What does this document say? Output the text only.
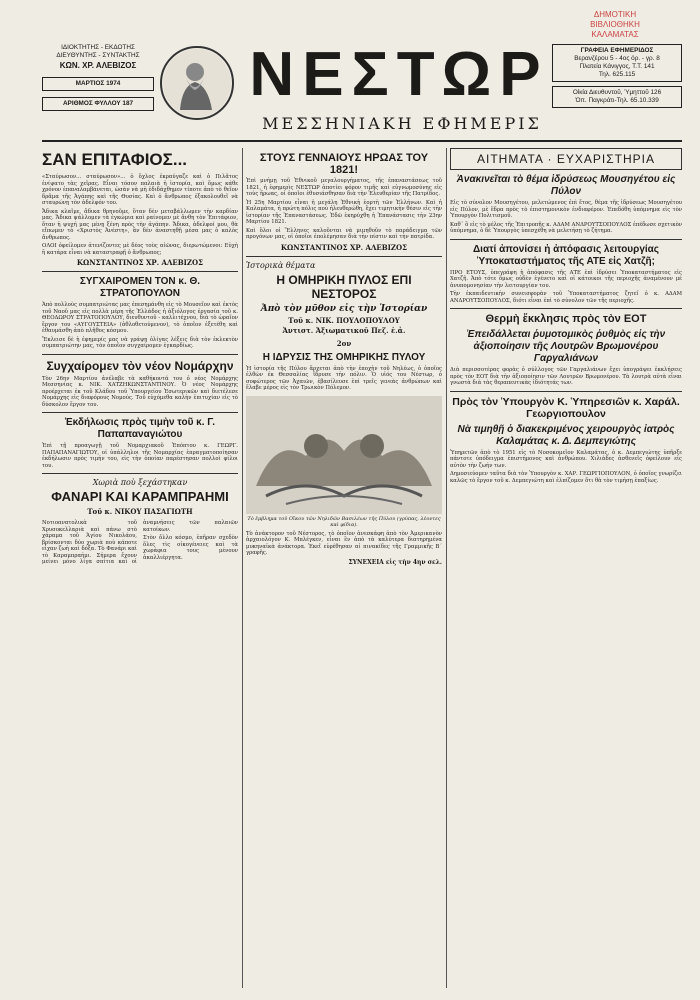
ΔΗΜΟΤΙΚΗ ΒΙΒΛΙΟΘΗΚΗ
ΚΑΛΑΜΑΤΑΣ
ΙΔΙΟΚΤΗΤΗΣ - ΕΚΔΟΤΗΣ
ΔΙΕΥΘΥΝΤΗΣ - ΣΥΝΤΑΚΤΗΣ
ΚΩΝ. ΧΡ. ΑΛΕΒΙΖΟΣ
ΜΑΡΤΙΟΣ 1974
ΑΡΙΘΜΟΣ ΦΥΛΛΟΥ 187	ΝΕΣΤΩΡ
ΜΕΣΣΗΝΙΑΚΗ ΕΦΗΜΕΡΙΣ
ΓΡΑΦΕΙΑ ΕΦΗΜΕΡΙΔΟΣ
Βερανζέρου 5 - 4ος όρ. - γρ. 8
Πλατεία Κάνιγγος, Τ.Τ. 141
Τηλ. 625.115
Οίκία Διευθυντοῦ, Ὑμηττοῦ 126
Ὀπ. Παγκράτι-Τηλ. 65.10.339
ΣΑΝ ΕΠΙΤΑΦΙΟΣ...

«Σταύρωσον... σταύρωσον»... ὁ ὄχλος ἐκραύγαζε καὶ ὁ Πιλᾶτος ἐνίψατο τὰς χεῖρας. Εἶναι τόσον παλαιὰ ἡ ἱστορία, καὶ ὅμως κάθε χρόνον ἐπαναλαμβάνεται, ὡσὰν νὰ μὴ ἐδιδάχθημεν τίποτε ἀπὸ τὸ θεῖον δρᾶμα τῆς Ἀγάπης καὶ τῆς Θυσίας. Καὶ ὁ ἄνθρωπος ἐξακολουθεῖ νὰ σταυρώνῃ τὸν ἀδελφόν του.

Ἄδικα κλαῖμε, ἄδικα θρηνοῦμε, ὅταν δὲν μεταβάλλωμεν τὴν καρδίαν μας. Ἄδικα ψάλλομεν τὰ ἐγκώμια καὶ ραίνομεν μὲ ἄνθη τὸν Ἐπιτάφιον, ὅταν ἡ ψυχή μας μένῃ ξένη πρὸς τὴν ἀγάπην. Ἄδικα, ἀδελφοί μου, θὰ εἴπωμεν τὸ «Χριστὸς Ἀνέστη», ἂν δὲν ἀναστηθῇ μέσα μας ὁ καλὸς ἄνθρωπος.

ΟΛΟΙ ὀφείλομεν ἀτενίζοντες μὲ δέος τοὺς αἰῶνας, διερωτώμενοι: Εὐχὴ ἢ κατάρα εἶναι νὰ καταστραφῇ ὁ ἄνθρωπος;

ΚΩΝΣΤΑΝΤΙΝΟΣ ΧΡ. ΑΛΕΒΙΖΟΣ
ΣΥΓΧΑΙΡΟΜΕΝ ΤΟΝ κ. Θ. ΣΤΡΑΤΟΠΟΥΛΟΝ

Ἀπὸ πολλοὺς συμπατριώτας μας ἐπεσημάνθη εἰς τὸ Μουσεῖον καὶ ἐκτὸς τοῦ Ναοῦ μας εἰς πολλὰ μέρη τῆς Ἑλλάδος ἡ ἀξιόλογος ἐργασία τοῦ κ. ΘΕΟΔΩΡΟΥ ΣΤΡΑΤΟΠΟΥΛΟΥ, διευθυντοῦ - καλλιτέχνου, διὰ τὸ ὡραῖον ἔργον του «ΑΥΓΟΥΣΤΕΙΑ» (ἀθλοθετούμενον), τὸ ὁποῖον ἐξετέθη καὶ ἐθαυμάσθη ἀπὸ πλῆθος κόσμου.

Ἔκλεισε δὲ ἡ ἐφημερίς μας νὰ γράψῃ ὀλίγας λέξεις διὰ τὸν ἐκλεκτὸν συμπατριώτην μας, τὸν ὁποῖον συγχαίρομεν ἐγκαρδίως.

Συγχαίρομεν τὸν νέον Νομάρχην

Τὸν 26ην Μαρτίου ἀνέλαβε τὰ καθήκοντά του ὁ νέος Νομάρχης Μεσσηνίας κ. ΝΙΚ. ΧΑΤΖΗΚΩΝΣΤΑΝΤΙΝΟΥ. Ὁ νέος Νομάρχης προέρχεται ἐκ τοῦ Κλάδου τοῦ Ὑπουργείου Ἐσωτερικῶν καὶ διετέλεσε Νομάρχης εἰς διαφόρους Νομούς. Τοῦ εὐχόμεθα καλὴν ἐπιτυχίαν εἰς τὸ δύσκολον ἔργον του.

Ἐκδήλωσις πρὸς τιμὴν τοῦ κ. Γ. Παπαπαναγιώτου

Ἐπὶ τῇ προαγωγῇ τοῦ Νομαρχιακοῦ Ἐπόπτου κ. ΓΕΩΡΓ. ΠΑΠΑΠΑΝΑΓΙΩΤΟΥ, οἱ ὑπάλληλοι τῆς Νομαρχίας ἐπραγματοποίησαν ἐκδήλωσιν πρὸς τιμήν του, εἰς τὴν ὁποίαν παρέστησαν πολλοὶ φίλοι του.

Χωριὰ ποὺ ξεχάστηκαν
ΦΑΝΑΡΙ ΚΑΙ ΚΑΡΑΜΠΡΑΗΜΙ
Τοῦ κ. ΝΙΚΟΥ ΠΑΣΑΓΙΩΤΗ

Νοτιοανατολικὰ τοῦ Χρυσοκελλαριὰ καὶ πάνω στὸ χάραμα τοῦ Ἁγίου Νικολάου, βρίσκονται δύο χωριὰ ποὺ κάποτε εἶχαν ζωὴ καὶ δόξα. Τὸ Φανάρι καὶ τὸ Καραμπραήμι. Σήμερα ἔχουν μείνει μόνο λίγα σπίτια καὶ οἱ ἀναμνήσεις τῶν παλαιῶν κατοίκων.

Στὸν ὄλλο κόσμο, ἐπῆραν σχεδὸν ὅλες τὶς οἰκογένειες καὶ τὰ χωράφια τους μένουν ἀκαλλιέργητα.

ΣΤΟΥΣ ΓΕΝΝΑΙΟΥΣ ΗΡΩΑΣ ΤΟΥ 1821!

Ἐπὶ μνήμῃ τοῦ Ἐθνικοῦ μεγαλουργήματος, τῆς ἐπαναστάσεως τοῦ 1821, ἡ ἐφημερὶς ΝΕΣΤΩΡ ἀποτίει φόρον τιμῆς καὶ εὐγνωμοσύνης εἰς τοὺς ἥρωας, οἱ ὁποῖοι ἐθυσιάσθησαν διὰ τὴν Ἐλευθερίαν τῆς Πατρίδος.

Ἡ 25η Μαρτίου εἶναι ἡ μεγάλη Ἐθνικὴ ἑορτὴ τῶν Ἑλλήνων. Καὶ ἡ Καλαμάτα, ἡ πρώτη πόλις ποὺ ἠλευθερώθη, ἔχει τιμητικὴν θέσιν εἰς τὴν ἱστορίαν τῆς Ἐπαναστάσεως. Ἐδῶ ἐκηρύχθη ἡ Ἐπανάστασις τὴν 23ην Μαρτίου 1821.

Καὶ ὅλοι οἱ Ἕλληνες καλοῦνται νὰ μιμηθοῦν τὸ παράδειγμα τῶν προγόνων μας, οἱ ὁποῖοι ἐπολέμησαν διὰ τὴν πίστιν καὶ τὴν πατρίδα.

ΚΩΝΣΤΑΝΤΙΝΟΣ ΧΡ. ΑΛΕΒΙΖΟΣ
Ἱστορικὰ θέματα
Η ΟΜΗΡΙΚΗ ΠΥΛΟΣ ΕΠΙ ΝΕΣΤΟΡΟΣ
Ἀπὸ τὸν μῦθον εἰς τὴν Ἱστορίαν
Τοῦ κ. ΝΙΚ. ΠΟΥΛΟΠΟΥΛΟΥ
Ἀντιστ. Ἀξιωματικοῦ Πεζ. ἐ.ἀ.
2ον
Η ΙΔΡΥΣΙΣ ΤΗΣ ΟΜΗΡΙΚΗΣ ΠΥΛΟΥ

Ἡ ἱστορία τῆς Πύλου ἄρχεται ἀπὸ τὴν ἐποχὴν τοῦ Νηλέως, ὁ ὁποῖος ἐλθὼν ἐκ Θεσσαλίας ἵδρυσε τὴν πόλιν. Ὁ υἱός του Νέστωρ, ὁ σοφώτερος τῶν Ἀχαιῶν, ἐβασίλευσε ἐπὶ τρεῖς γενεὰς ἀνθρώπων καὶ ἔλαβε μέρος εἰς τὸν Τρωικὸν Πόλεμον.

Τὸ ἐμβλημα τοῦ Οἴκου τῶν Νηλιδῶν Βασιλέων τῆς Πύλου (γρύπας, λέοντες καὶ φίδια).

Τὸ ἀνάκτορον τοῦ Νέστορος, τὸ ὁποῖον ἀνεσκάφη ἀπὸ τὸν Ἀμερικανὸν ἀρχαιολόγον Κ. Μπλέγκεν, εἶναι ἓν ἀπὸ τὰ καλύτερα διατηρημένα μυκηναϊκὰ ἀνάκτορα. Ἐκεῖ εὑρέθησαν αἱ πινακίδες τῆς Γραμμικῆς Β΄ γραφῆς.

ΣΥΝΕΧΕΙΑ εἰς τὴν 4ην σελ.
ΑΙΤΗΜΑΤΑ · ΕΥΧΑΡΙΣΤΗΡΙΑ
Ἀνακινεῖται τὸ θέμα ἱδρύσεως Μουσηγέτου εἰς Πύλον

Εἰς τὸ σύνολον Μουσηγέτου, μελετώμενος ἐπὶ ἔτος, θέμα τῆς ἱδρύσεως Μουσηγέτου εἰς Πύλον, μὲ ἕδρα πρὸς τὸ ἐπιστημονικὸν ἐνδιαφέρον. Ἐπεδόθη ὑπόμνημα εἰς τὸν Ὑπουργὸν Πολιτισμοῦ.

Καθ᾽ ὃ εἰς τὸ μέλος τῆς Ἐπιτροπῆς κ. ΑΔΑΜ ΑΝΔΡΟΥΤΣΟΠΟΥΛΟΣ ἐπέδωσε σχετικὸν ὑπόμνημα, ὁ δὲ Ὑπουργὸς ὑπεσχέθη νὰ μελετήσῃ τὸ ζήτημα.

Διατί ἀπονίσει ἡ ἀπόφασις λειτουργίας Ὑποκαταστήματος τῆς ΑΤΕ εἰς Χατζῆ;

ΠΡΟ ΕΤΟΥΣ, ὑπεγράφη ἡ ἀπόφασις τῆς ΑΤΕ ἐπὶ ἱδρύσει Ὑποκαταστήματος εἰς Χατζῆ. Ἀπὸ τότε ὅμως οὐδὲν ἐγένετο καὶ οἱ κάτοικοι τῆς περιοχῆς ἀναμένουν μὲ ἀνυπομονησίαν τὴν λειτουργίαν του.

Τὴν ἐκπαιδευτικὴν συνεισφορὰν τοῦ Ὑποκαταστήματος ζητεῖ ὁ κ. ΑΔΑΜ ΑΝΔΡΟΥΤΣΟΠΟΥΛΟΣ, διότι εἶναι ἐπὶ τὸ σύνολον τῶν τῆς περιοχῆς.

Θερμὴ ἔκκλησις πρὸς τὸν ΕΟΤ
Ἐπειδάλλεται ῥυμοτομικὸς ῥυθμὸς εἰς τὴν ἀξιοποίησιν τῆς Λουτρῶν Βρωμονέρου Γαργαλιάνων

Διὰ περισσοτέρας φορὰς ὁ σύλλογος τῶν Γαργαλιάνων ἔχει ὑπογράψει ἐκκλήσεις πρὸς τὸν ΕΟΤ διὰ τὴν ἀξιοποίησιν τῶν Λουτρῶν Βρωμονέρου. Τὰ λουτρὰ αὐτὰ εἶναι γνωστὰ διὰ τὰς θεραπευτικὰς ἰδιότητάς των.

Πρὸς τὸν Ὑπουργὸν Κ. Ὑπηρεσιῶν κ. Χαράλ. Γεωργιοπουλον
Νὰ τιμηθῇ ὁ διακεκριμένος χειρουργὸς ἰατρὸς Καλαμάτας κ. Δ. Δεμπεγιώτης

Ὑπηρετῶν ἀπὸ τὸ 1951 εἰς τὸ Νοσοκομεῖον Καλαμάτας, ὁ κ. Δεμπεγιώτης ὑπῆρξε πάντοτε ὑπόδειγμα ἐπιστήμονος καὶ ἀνθρώπου. Χιλιάδες ἀσθενεῖς ὀφείλουν εἰς αὐτὸν τὴν ζωήν των.

Δημοσιεύομεν ταῦτα διὰ τὸν Ὑπουργὸν κ. ΧΑΡ. ΓΕΩΡΓΙΟΠΟΥΛΟΝ, ὁ ὁποῖος γνωρίζει καλῶς τὸ ἔργον τοῦ κ. Δεμπεγιώτη καὶ ἐλπίζομεν ὅτι θὰ τὸν τιμήσῃ ἐπαξίως.
